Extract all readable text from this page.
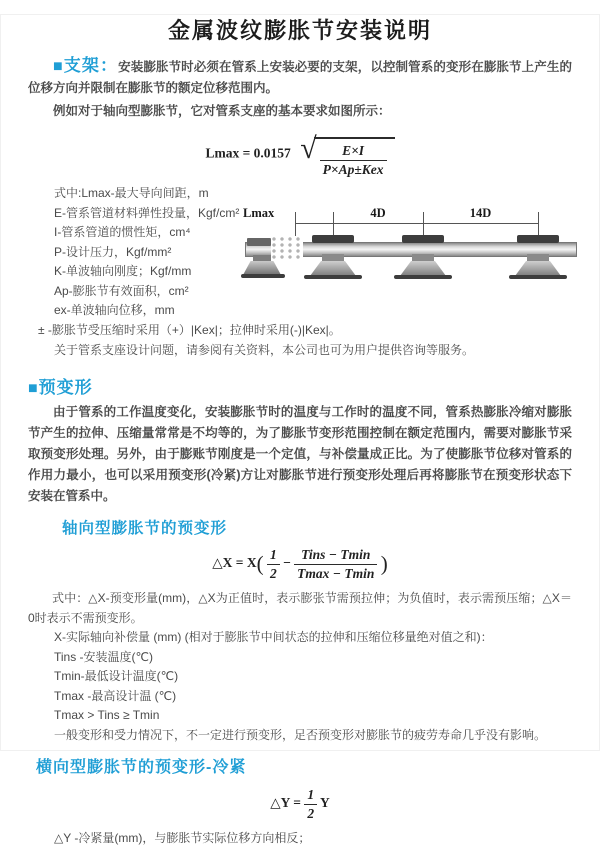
金属波纹膨胀节安装说明

■支架：安装膨胀节时必须在管系上安装必要的支架，以控制管系的变形在膨胀节上产生的位移方向并限制在膨胀节的额定位移范围内。

例如对于轴向型膨胀节，它对管系支座的基本要求如图所示：

Lmax = 0.0157 √ $\frac{E\times I}{\text{P×Ap±Kex}}$
式中:Lmax-最大导向间距，m
E-管系管道材料弹性投量，Kgf/cm²
I-管系管道的惯性矩，cm⁴
P-设计压力，Kgf/mm²
K-单波轴向刚度；Kgf/mm
Ap-膨胀节有效面积，cm²
ex-单波轴向位移，mm
± -膨胀节受压缩时采用（+）|Kex|；拉伸时采用(-)|Kex|。

关于管系支座设计问题，请参阅有关资料，本公司也可为用户提供咨询等服务。

■预变形

由于管系的工作温度变化，安装膨胀节时的温度与工作时的温度不同，管系热膨胀冷缩对膨胀节产生的拉伸、压缩量常常是不均等的，为了膨胀节变形范围控制在额定范围内，需要对膨胀节采取预变形处理。另外，由于膨账节刚度是一个定值，与补偿量成正比。为了使膨胀节位移对管系的作用力最小，也可以采用预变形(冷紧)方让对膨胀节进行预变形处理后再将膨胀节在预变形状态下安装在管系中。

轴向型膨胀节的预变形
△X = $X( \frac{1}{2} - \frac{\text{Tins − Tmin}}{Tmax - Tmin}$ )

式中：△X-预变形量(mm)，△X为正值时，表示膨张节需预拉伸；为负值时，表示需预压缩；△X＝0时表示不需预变形。

X-实际轴向补偿量 (mm) (相对于膨胀节中间状态的拉伸和压缩位移量绝对值之和)：
Tins -安装温度(℃)
Tmin-最低设计温度(℃)
Tmax -最高设计温 (℃)
Tmax > Tins ≥ Tmin
一般变形和受力情况下，不一定进行预变形，足否预变形对膨胀节的疲劳寿命几乎没有影响。
横向型膨胀节的预变形-冷紧
△Y = $\frac{1}{2}$ Y

△Y -冷紧量(mm)，与膨胀节实际位移方向相反；

4D	14D
Lmax
